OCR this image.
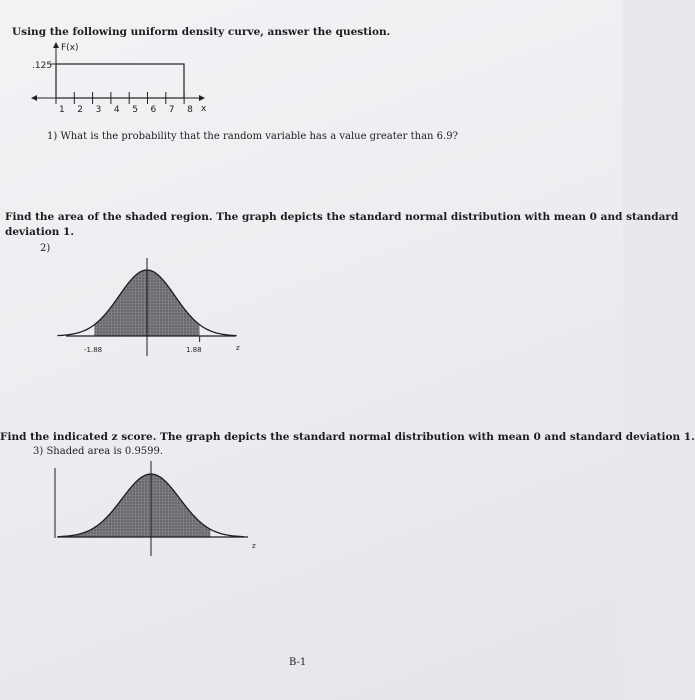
Using the following uniform density curve, answer the question.

F(x)
.125
1 2 3 4 5 6 7 8 x

1) What is the probability that the random variable has a value greater than 6.9?

Find the area of the shaded region. The graph depicts the standard normal distribution with mean 0 and standard

deviation 1.

2)

-1.88	1.88	z

Find the indicated z score. The graph depicts the standard normal distribution with mean 0 and standard deviation 1.

3) Shaded area is 0.9599.

z

B-1
